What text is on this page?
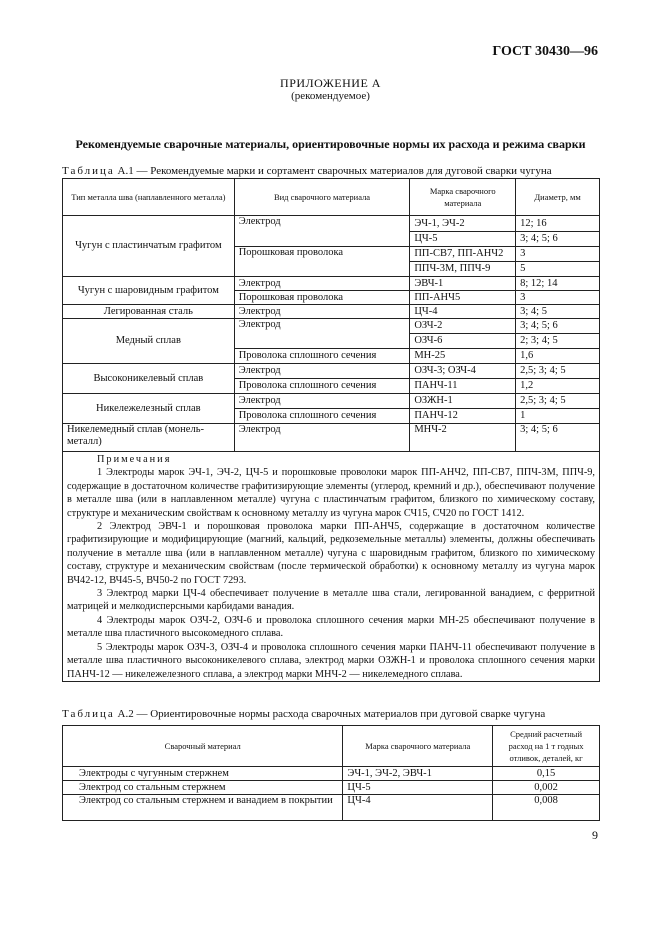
ГОСТ 30430—96
ПРИЛОЖЕНИЕ А
(рекомендуемое)
Рекомендуемые сварочные материалы, ориентировочные нормы их расхода и режима сварки
Таблица А.1 — Рекомендуемые марки и сортамент сварочных материалов для дуговой сварки чугуна
Тип металла шва (наплавленного металла)	Вид сварочного материала	Марка сварочного материала	Диаметр, мм
Чугун с пластинчатым графитом	Электрод	ЭЧ-1, ЭЧ-2	12; 16
		ЦЧ-5	3; 4; 5; 6
	Порошковая проволока	ПП-СВ7, ПП-АНЧ2	3
		ППЧ-3М, ППЧ-9	5
Чугун с шаровидным графитом	Электрод	ЭВЧ-1	8; 12; 14
	Порошковая проволока	ПП-АНЧ5	3
Легированная сталь	Электрод	ЦЧ-4	3; 4; 5
Медный сплав	Электрод	ОЗЧ-2	3; 4; 5; 6
		ОЗЧ-6	2; 3; 4; 5
	Проволока сплошного сечения	МН-25	1,6
Высоконикелевый сплав	Электрод	ОЗЧ-3; ОЗЧ-4	2,5; 3; 4; 5
	Проволока сплошного сечения	ПАНЧ-11	1,2
Никележелезный сплав	Электрод	ОЗЖН-1	2,5; 3; 4; 5
	Проволока сплошного сечения	ПАНЧ-12	1
Никелемедный сплав (монель-металл)	Электрод	МНЧ-2	3; 4; 5; 6

Примечания

1 Электроды марок ЭЧ-1, ЭЧ-2, ЦЧ-5 и порошковые проволоки марок ПП-АНЧ2, ПП-СВ7, ППЧ-3М, ППЧ-9, содержащие в достаточном количестве графитизирующие элементы (углерод, кремний и др.), обеспечивают получение в металле шва (или в наплавленном металле) чугуна с пластинчатым графитом, близкого по химическому составу, структуре и механическим свойствам к основному металлу из чугуна марок СЧ15, СЧ20 по ГОСТ 1412.

2 Электрод ЭВЧ-1 и порошковая проволока марки ПП-АНЧ5, содержащие в достаточном количестве графитизирующие и модифицирующие (магний, кальций, редкоземельные металлы) элементы, должны обеспечивать получение в металле шва (или в наплавленном металле) чугуна с шаровидным графитом, близкого по химическому составу, структуре и механическим свойствам (после термической обработки) к основному металлу из чугуна марок ВЧ42-12, ВЧ45-5, ВЧ50-2 по ГОСТ 7293.

3 Электрод марки ЦЧ-4 обеспечивает получение в металле шва стали, легированной ванадием, с ферритной матрицей и мелкодисперсными карбидами ванадия.

4 Электроды марок ОЗЧ-2, ОЗЧ-6 и проволока сплошного сечения марки МН-25 обеспечивают получение в металле шва пластичного высокомедного сплава.

5 Электроды марок ОЗЧ-3, ОЗЧ-4 и проволока сплошного сечения марки ПАНЧ-11 обеспечивают получение в металле шва пластичного высоконикелевого сплава, электрод марки ОЗЖН-1 и проволока сплошного сечения марки ПАНЧ-12 — никележелезного сплава, а электрод марки МНЧ-2 — никелемедного сплава.

Таблица А.2 — Ориентировочные нормы расхода сварочных материалов при дуговой сварке чугуна
Сварочный материал	Марка сварочного материала	Средний расчетный расход на 1 т годных отливок, деталей, кг
Электроды с чугунным стержнем	ЭЧ-1, ЭЧ-2, ЭВЧ-1	0,15
Электрод со стальным стержнем	ЦЧ-5	0,002
Электрод со стальным стержнем и ванадием в покрытии	ЦЧ-4	0,008
9
